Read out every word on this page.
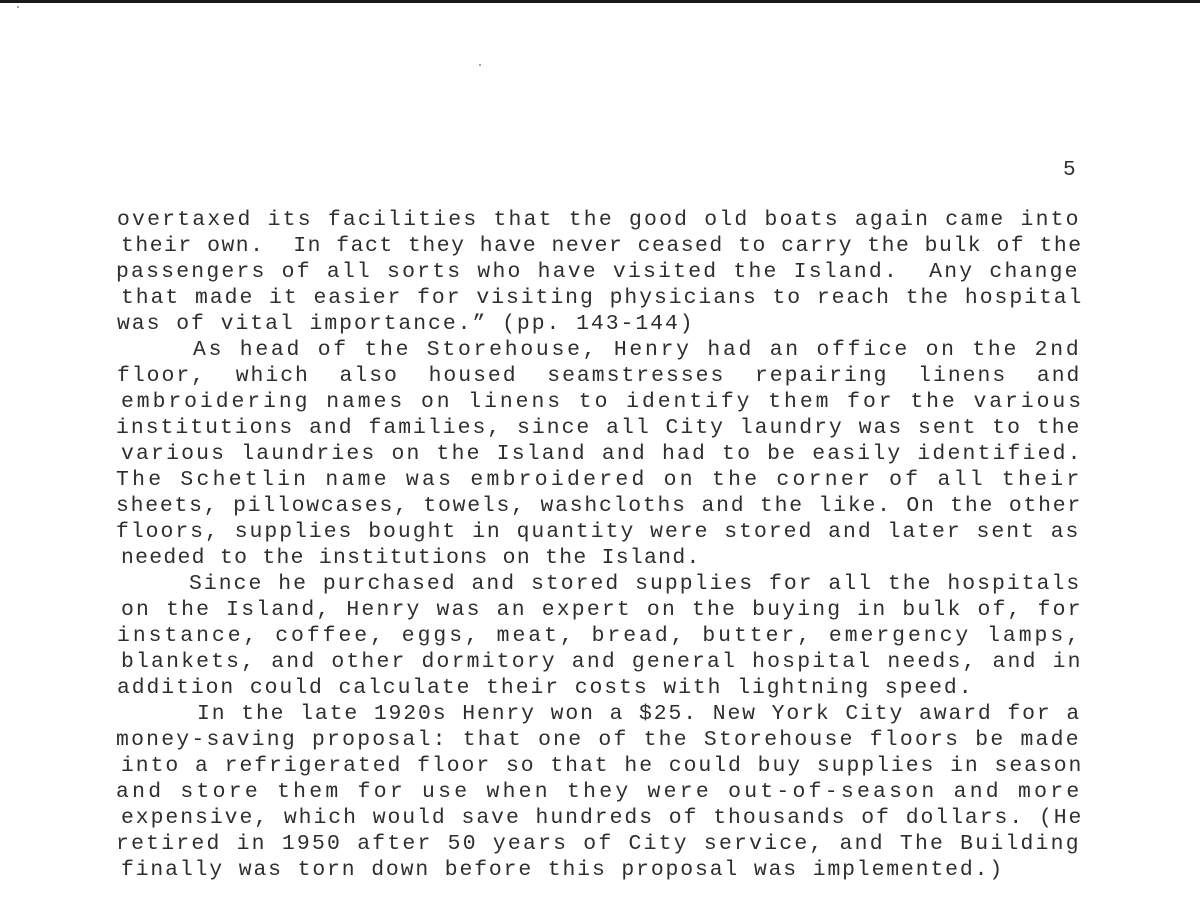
5
overtaxed its facilities that the good old boats again came into
their own.  In fact they have never ceased to carry the bulk of the
passengers of all sorts who have visited the Island.  Any change
that made it easier for visiting physicians to reach the hospital
was of vital importance.” (pp. 143-144)
As head of the Storehouse, Henry had an office on the 2nd
floor,  which  also  housed  seamstresses  repairing  linens  and
embroidering names on linens to identify them for the various
institutions and families, since all City laundry was sent to the
various laundries on the Island and had to be easily identified.
The Schetlin name was embroidered on the corner of all their
sheets, pillowcases, towels, washcloths and the like. On the other
floors, supplies bought in quantity were stored and later sent as
needed to the institutions on the Island.
Since he purchased and stored supplies for all the hospitals
on the Island, Henry was an expert on the buying in bulk of, for
instance, coffee, eggs, meat, bread, butter, emergency lamps,
blankets, and other dormitory and general hospital needs, and in
addition could calculate their costs with lightning speed.
In the late 1920s Henry won a $25. New York City award for a
money-saving proposal: that one of the Storehouse floors be made
into a refrigerated floor so that he could buy supplies in season
and store them for use when they were out-of-season and more
expensive, which would save hundreds of thousands of dollars. (He
retired in 1950 after 50 years of City service, and The Building
finally was torn down before this proposal was implemented.)
